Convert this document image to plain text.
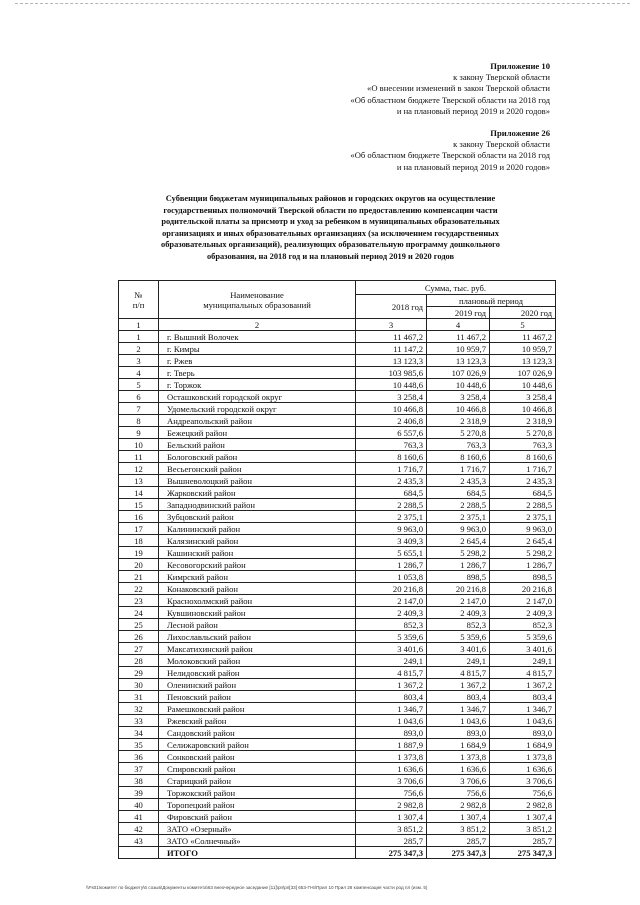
Приложение 10
к закону Тверской области
«О внесении изменений в закон Тверской области
«Об областном бюджете Тверской области на 2018 год
и на плановый период 2019 и 2020 годов»
Приложение 26
к закону Тверской области
«Об областном бюджете Тверской области на 2018 год
и на плановый период 2019 и 2020 годов»
Субвенции бюджетам муниципальных районов и городских округов на осуществление
государственных полномочий Тверской области по предоставлению компенсации части
родительской платы за присмотр и уход за ребенком в муниципальных образовательных
организациях и иных образовательных организациях (за исключением государственных
образовательных организаций), реализующих образовательную программу дошкольного
образования, на 2018 год и на плановый период 2019 и 2020 годов
№
п/п

Наименование
муниципальных образований
	Сумма, тыс. руб.
		2018 год	плановый период	
			2019 год	2020 год
1	2	3	4	5
1	г. Вышний Волочек	11 467,2	11 467,2	11 467,2
2	г. Кимры	11 147,2	10 959,7	10 959,7
3	г. Ржев	13 123,3	13 123,3	13 123,3
4	г. Тверь	103 985,6	107 026,9	107 026,9
5	г. Торжок	10 448,6	10 448,6	10 448,6
6	Осташковский городской округ	3 258,4	3 258,4	3 258,4
7	Удомельский городской округ	10 466,8	10 466,8	10 466,8
8	Андреапольский район	2 406,8	2 318,9	2 318,9
9	Бежецкий район	6 557,6	5 270,8	5 270,8
10	Бельский район	763,3	763,3	763,3
11	Бологовский район	8 160,6	8 160,6	8 160,6
12	Весьегонский район	1 716,7	1 716,7	1 716,7
13	Вышневолоцкий район	2 435,3	2 435,3	2 435,3
14	Жарковский район	684,5	684,5	684,5
15	Западнодвинский район	2 288,5	2 288,5	2 288,5
16	Зубцовский район	2 375,1	2 375,1	2 375,1
17	Калининский район	9 963,0	9 963,0	9 963,0
18	Калязинский район	3 409,3	2 645,4	2 645,4
19	Кашинский район	5 655,1	5 298,2	5 298,2
20	Кесовогорский район	1 286,7	1 286,7	1 286,7
21	Кимрский район	1 053,8	898,5	898,5
22	Конаковский район	20 216,8	20 216,8	20 216,8
23	Краснохолмский район	2 147,0	2 147,0	2 147,0
24	Кувшиновский район	2 409,3	2 409,3	2 409,3
25	Лесной район	852,3	852,3	852,3
26	Лихославльский район	5 359,6	5 359,6	5 359,6
27	Максатихинский район	3 401,6	3 401,6	3 401,6
28	Молоковский район	249,1	249,1	249,1
29	Нелидовский район	4 815,7	4 815,7	4 815,7
30	Оленинский район	1 367,2	1 367,2	1 367,2
31	Пеновский район	803,4	803,4	803,4
32	Рамешковский район	1 346,7	1 346,7	1 346,7
33	Ржевский район	1 043,6	1 043,6	1 043,6
34	Сандовский район	893,0	893,0	893,0
35	Селижаровский район	1 887,9	1 684,9	1 684,9
36	Сонковский район	1 373,8	1 373,8	1 373,8
37	Спировский район	1 636,6	1 636,6	1 636,6
38	Старицкий район	3 706,6	3 706,6	3 706,6
39	Торжокский район	756,6	756,6	756,6
40	Торопецкий район	2 982,8	2 982,8	2 982,8
41	Фировский район	1 307,4	1 307,4	1 307,4
42	ЗАТО «Озерный»	3 851,2	3 851,2	3 851,2
43	ЗАТО «Солнечный»	285,7	285,7	285,7
	ИТОГО	275 347,3	275 347,3	275 347,3
\\Fs01\комитет по бюджету\6 созыв\Документы комитета\63 внеочередное заседание [11]\рп\рп[33] 653-П-6\Прил 10 Прил 26 компенсация части род пл (изм. 5)
